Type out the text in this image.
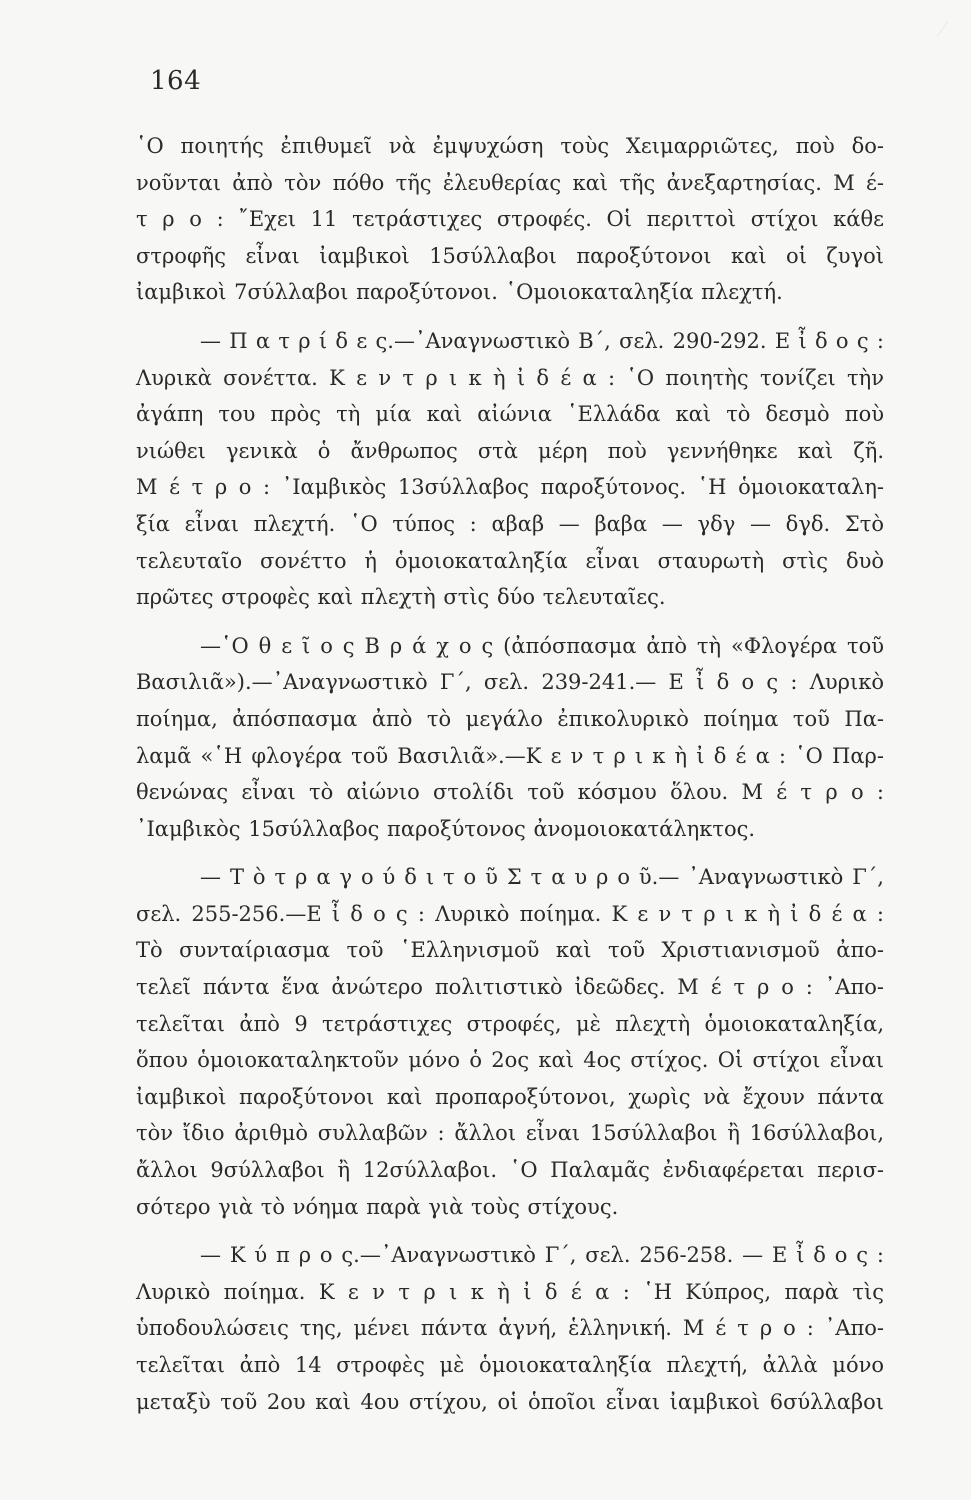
164

῾Ο ποιητής ἐπιθυμεῖ νὰ ἐμψυχώση τοὺς Χειμαρριῶτες, ποὺ δο-
νοῦνται ἀπὸ τὸν πόθο τῆς ἐλευθερίας καὶ τῆς ἀνεξαρτησίας. Μ έ-
τ ρ ο : ῎Εχει 11 τετράστιχες στροφές. Οἱ περιττοὶ στίχοι κάθε
στροφῆς εἶναι ἰαμβικοὶ 15σύλλαβοι παροξύτονοι καὶ οἱ ζυγοὶ
ἰαμβικοὶ 7σύλλαβοι παροξύτονοι. ῾Ομοιοκαταληξία πλεχτή.

— Π α τ ρ ί δ ε ς.—᾿Αναγνωστικὸ Β΄, σελ. 290-292. Ε ἶ δ ο ς :
Λυρικὰ σονέττα. Κ ε ν τ ρ ι κ ὴ ἰ δ έ α : ῾Ο ποιητὴς τονίζει τὴν
ἀγάπη του πρὸς τὴ μία καὶ αἰώνια ῾Ελλάδα καὶ τὸ δεσμὸ ποὺ
νιώθει γενικὰ ὁ ἄνθρωπος στὰ μέρη ποὺ γεννήθηκε καὶ ζῆ.
Μ έ τ ρ ο : ᾿Ιαμβικὸς 13σύλλαβος παροξύτονος. ῾Η ὁμοιοκαταλη-
ξία εἶναι πλεχτή. ῾Ο τύπος : αβαβ — βαβα — γδγ — δγδ. Στὸ
τελευταῖο σονέττο ἡ ὁμοιοκαταληξία εἶναι σταυρωτὴ στὶς δυὸ
πρῶτες στροφὲς καὶ πλεχτὴ στὶς δύο τελευταῖες.

—῾Ο θ ε ῖ ο ς Β ρ ά χ ο ς (ἀπόσπασμα ἀπὸ τὴ «Φλογέρα τοῦ
Βασιλιᾶ»).—᾿Αναγνωστικὸ Γ΄, σελ. 239-241.— Ε ἶ δ ο ς : Λυρικὸ
ποίημα, ἀπόσπασμα ἀπὸ τὸ μεγάλο ἐπικολυρικὸ ποίημα τοῦ Πα-
λαμᾶ «῾Η φλογέρα τοῦ Βασιλιᾶ».—Κ ε ν τ ρ ι κ ὴ ἰ δ έ α : ῾Ο Παρ-
θενώνας εἶναι τὸ αἰώνιο στολίδι τοῦ κόσμου ὅλου. Μ έ τ ρ ο :
᾿Ιαμβικὸς 15σύλλαβος παροξύτονος ἀνομοιοκατάληκτος.

— Τ ὸ τ ρ α γ ο ύ δ ι τ ο ῦ Σ τ α υ ρ ο ῦ.— ᾿Αναγνωστικὸ Γ΄,
σελ. 255-256.—Ε ἶ δ ο ς : Λυρικὸ ποίημα. Κ ε ν τ ρ ι κ ὴ ἰ δ έ α :
Τὸ συνταίριασμα τοῦ ῾Ελληνισμοῦ καὶ τοῦ Χριστιανισμοῦ ἀπο-
τελεῖ πάντα ἕνα ἀνώτερο πολιτιστικὸ ἰδεῶδες. Μ έ τ ρ ο : ᾿Απο-
τελεῖται ἀπὸ 9 τετράστιχες στροφές, μὲ πλεχτὴ ὁμοιοκαταληξία,
ὅπου ὁμοιοκαταληκτοῦν μόνο ὁ 2ος καὶ 4ος στίχος. Οἱ στίχοι εἶναι
ἰαμβικοὶ παροξύτονοι καὶ προπαροξύτονοι, χωρὶς νὰ ἔχουν πάντα
τὸν ἴδιο ἀριθμὸ συλλαβῶν : ἄλλοι εἶναι 15σύλλαβοι ἢ 16σύλλαβοι,
ἄλλοι 9σύλλαβοι ἢ 12σύλλαβοι. ῾Ο Παλαμᾶς ἐνδιαφέρεται περισ-
σότερο γιὰ τὸ νόημα παρὰ γιὰ τοὺς στίχους.

— Κ ύ π ρ ο ς.—᾿Αναγνωστικὸ Γ΄, σελ. 256-258. — Ε ἶ δ ο ς :
Λυρικὸ ποίημα. Κ ε ν τ ρ ι κ ὴ ἰ δ έ α : ῾Η Κύπρος, παρὰ τὶς
ὑποδουλώσεις της, μένει πάντα ἁγνή, ἑλληνική. Μ έ τ ρ ο : ᾿Απο-
τελεῖται ἀπὸ 14 στροφὲς μὲ ὁμοιοκαταληξία πλεχτή, ἀλλὰ μόνο
μεταξὺ τοῦ 2ου καὶ 4ου στίχου, οἱ ὁποῖοι εἶναι ἰαμβικοὶ 6σύλλαβοι
